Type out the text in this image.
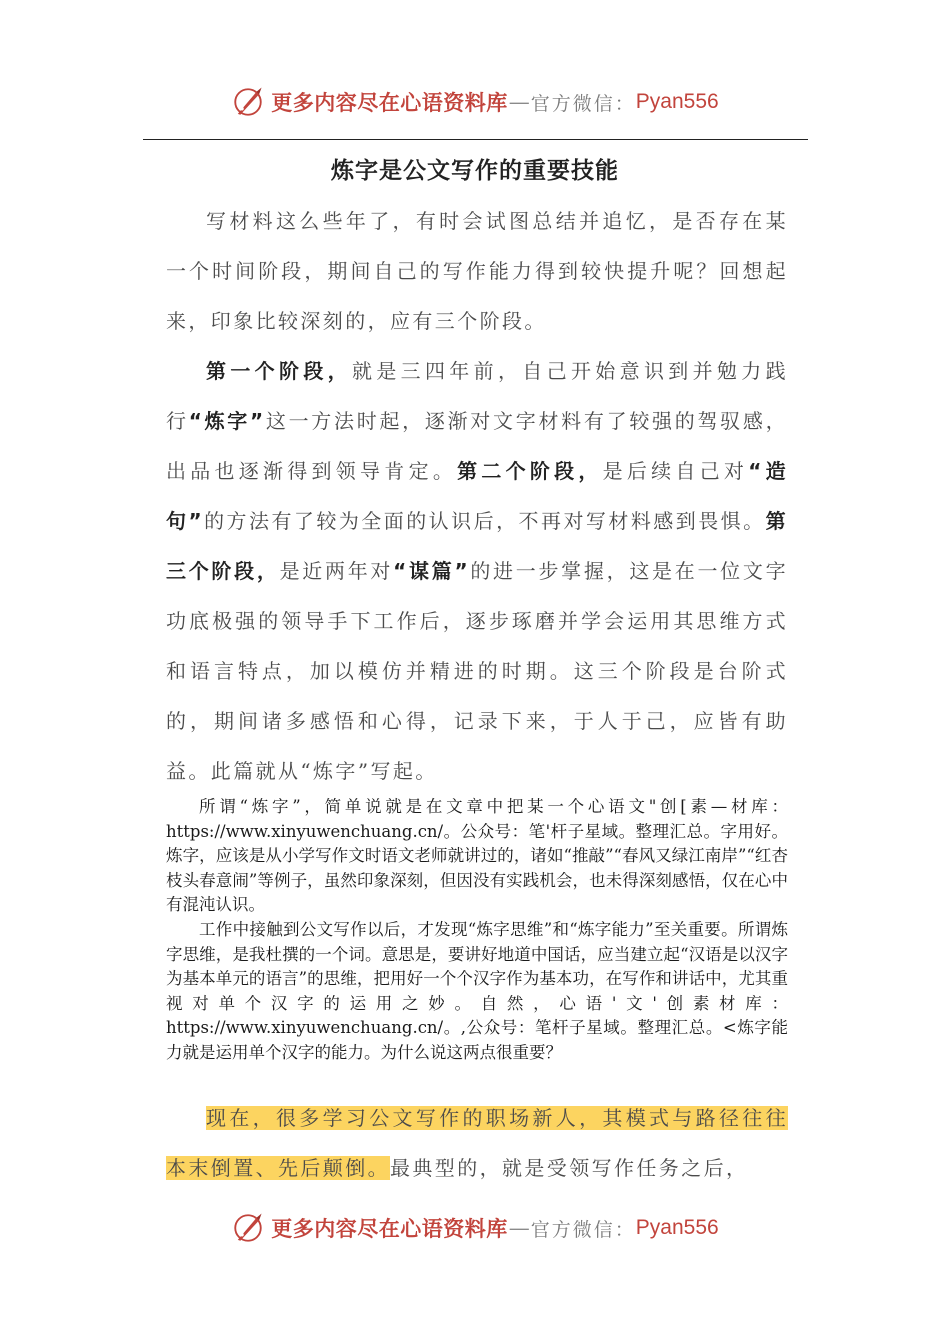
更多内容尽在心语资料库 — 官方微信： Pyan556
炼字是公文写作的重要技能

写材料这么些年了，有时会试图总结并追忆，是否存在某一个时间阶段，期间自己的写作能力得到较快提升呢？回想起来，印象比较深刻的，应有三个阶段。

第一个阶段，就是三四年前，自己开始意识到并勉力践行“炼字”这一方法时起，逐渐对文字材料有了较强的驾驭感，出品也逐渐得到领导肯定。第二个阶段，是后续自己对“造句”的方法有了较为全面的认识后，不再对写材料感到畏惧。第三个阶段，是近两年对“谋篇”的进一步掌握，这是在一位文字功底极强的领导手下工作后，逐步琢磨并学会运用其思维方式和语言特点，加以模仿并精进的时期。这三个阶段是台阶式的，期间诸多感悟和心得，记录下来，于人于己，应皆有助益。此篇就从“炼字”写起。

所谓“炼字”，简单说就是在文章中把某一个心语文"创[素—材库：https://www.xinyuwenchuang.cn/。公众号：笔'杆子星域。整理汇总。字用好。炼字，应该是从小学写作文时语文老师就讲过的，诸如“推敲”“春风又绿江南岸”“红杏枝头春意闹”等例子，虽然印象深刻，但因没有实践机会，也未得深刻感悟，仅在心中有混沌认识。

工作中接触到公文写作以后，才发现“炼字思维”和“炼字能力”至关重要。所谓炼字思维，是我杜撰的一个词。意思是，要讲好地道中国话，应当建立起“汉语是以汉字为基本单元的语言”的思维，把用好一个个汉字作为基本功，在写作和讲话中，尤其重视对单个汉字的运用之妙。自然，心语'文'创素材库：https://www.xinyuwenchuang.cn/。,公众号：笔杆子星域。整理汇总。<炼字能力就是运用单个汉字的能力。为什么说这两点很重要？

现在，很多学习公文写作的职场新人，其模式与路径往往本末倒置、先后颠倒。最典型的，就是受领写作任务之后，

更多内容尽在心语资料库 — 官方微信： Pyan556
